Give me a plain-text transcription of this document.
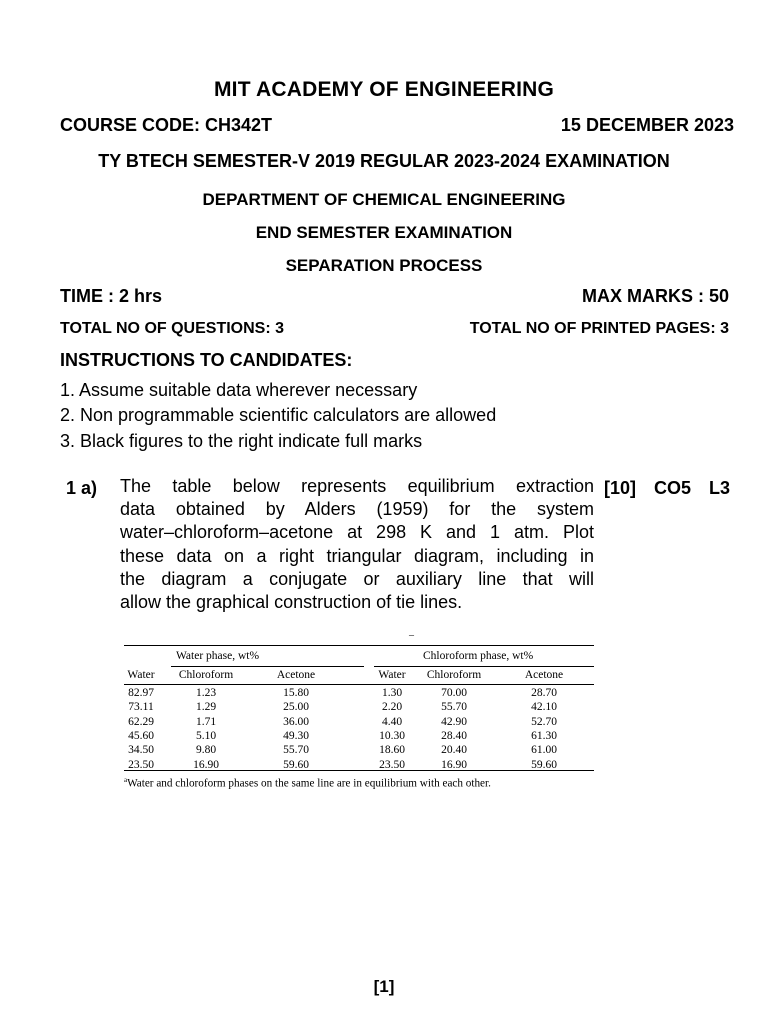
MIT ACADEMY OF ENGINEERING
COURSE CODE: CH342T	15 DECEMBER 2023
TY BTECH SEMESTER-V 2019 REGULAR 2023-2024 EXAMINATION
DEPARTMENT OF CHEMICAL ENGINEERING
END SEMESTER EXAMINATION
SEPARATION PROCESS
TIME : 2 hrs	MAX MARKS : 50
TOTAL NO OF QUESTIONS: 3	TOTAL NO OF PRINTED PAGES: 3
INSTRUCTIONS TO CANDIDATES:
1. Assume suitable data wherever necessary
2. Non programmable scientific calculators are allowed
3. Black figures to the right indicate full marks
1 a) The table below represents equilibrium extraction
data obtained by Alders (1959) for the system
water–chloroform–acetone at 298 K and 1 atm. Plot
these data on a right triangular diagram, including in
the diagram a conjugate or auxiliary line that will
allow the graphical construction of tie lines.
[10] CO5 L3
–
Water phase, wt%	Chloroform phase, wt%
Water	Chloroform	Acetone	Water	Chloroform	Acetone
82.97	1.23	15.80	1.30	70.00	28.70
73.11	1.29	25.00	2.20	55.70	42.10
62.29	1.71	36.00	4.40	42.90	52.70
45.60	5.10	49.30	10.30	28.40	61.30
34.50	9.80	55.70	18.60	20.40	61.00
23.50	16.90	59.60	23.50	16.90	59.60
$^a$Water and chloroform phases on the same line are in equilibrium with each other.
[1]
